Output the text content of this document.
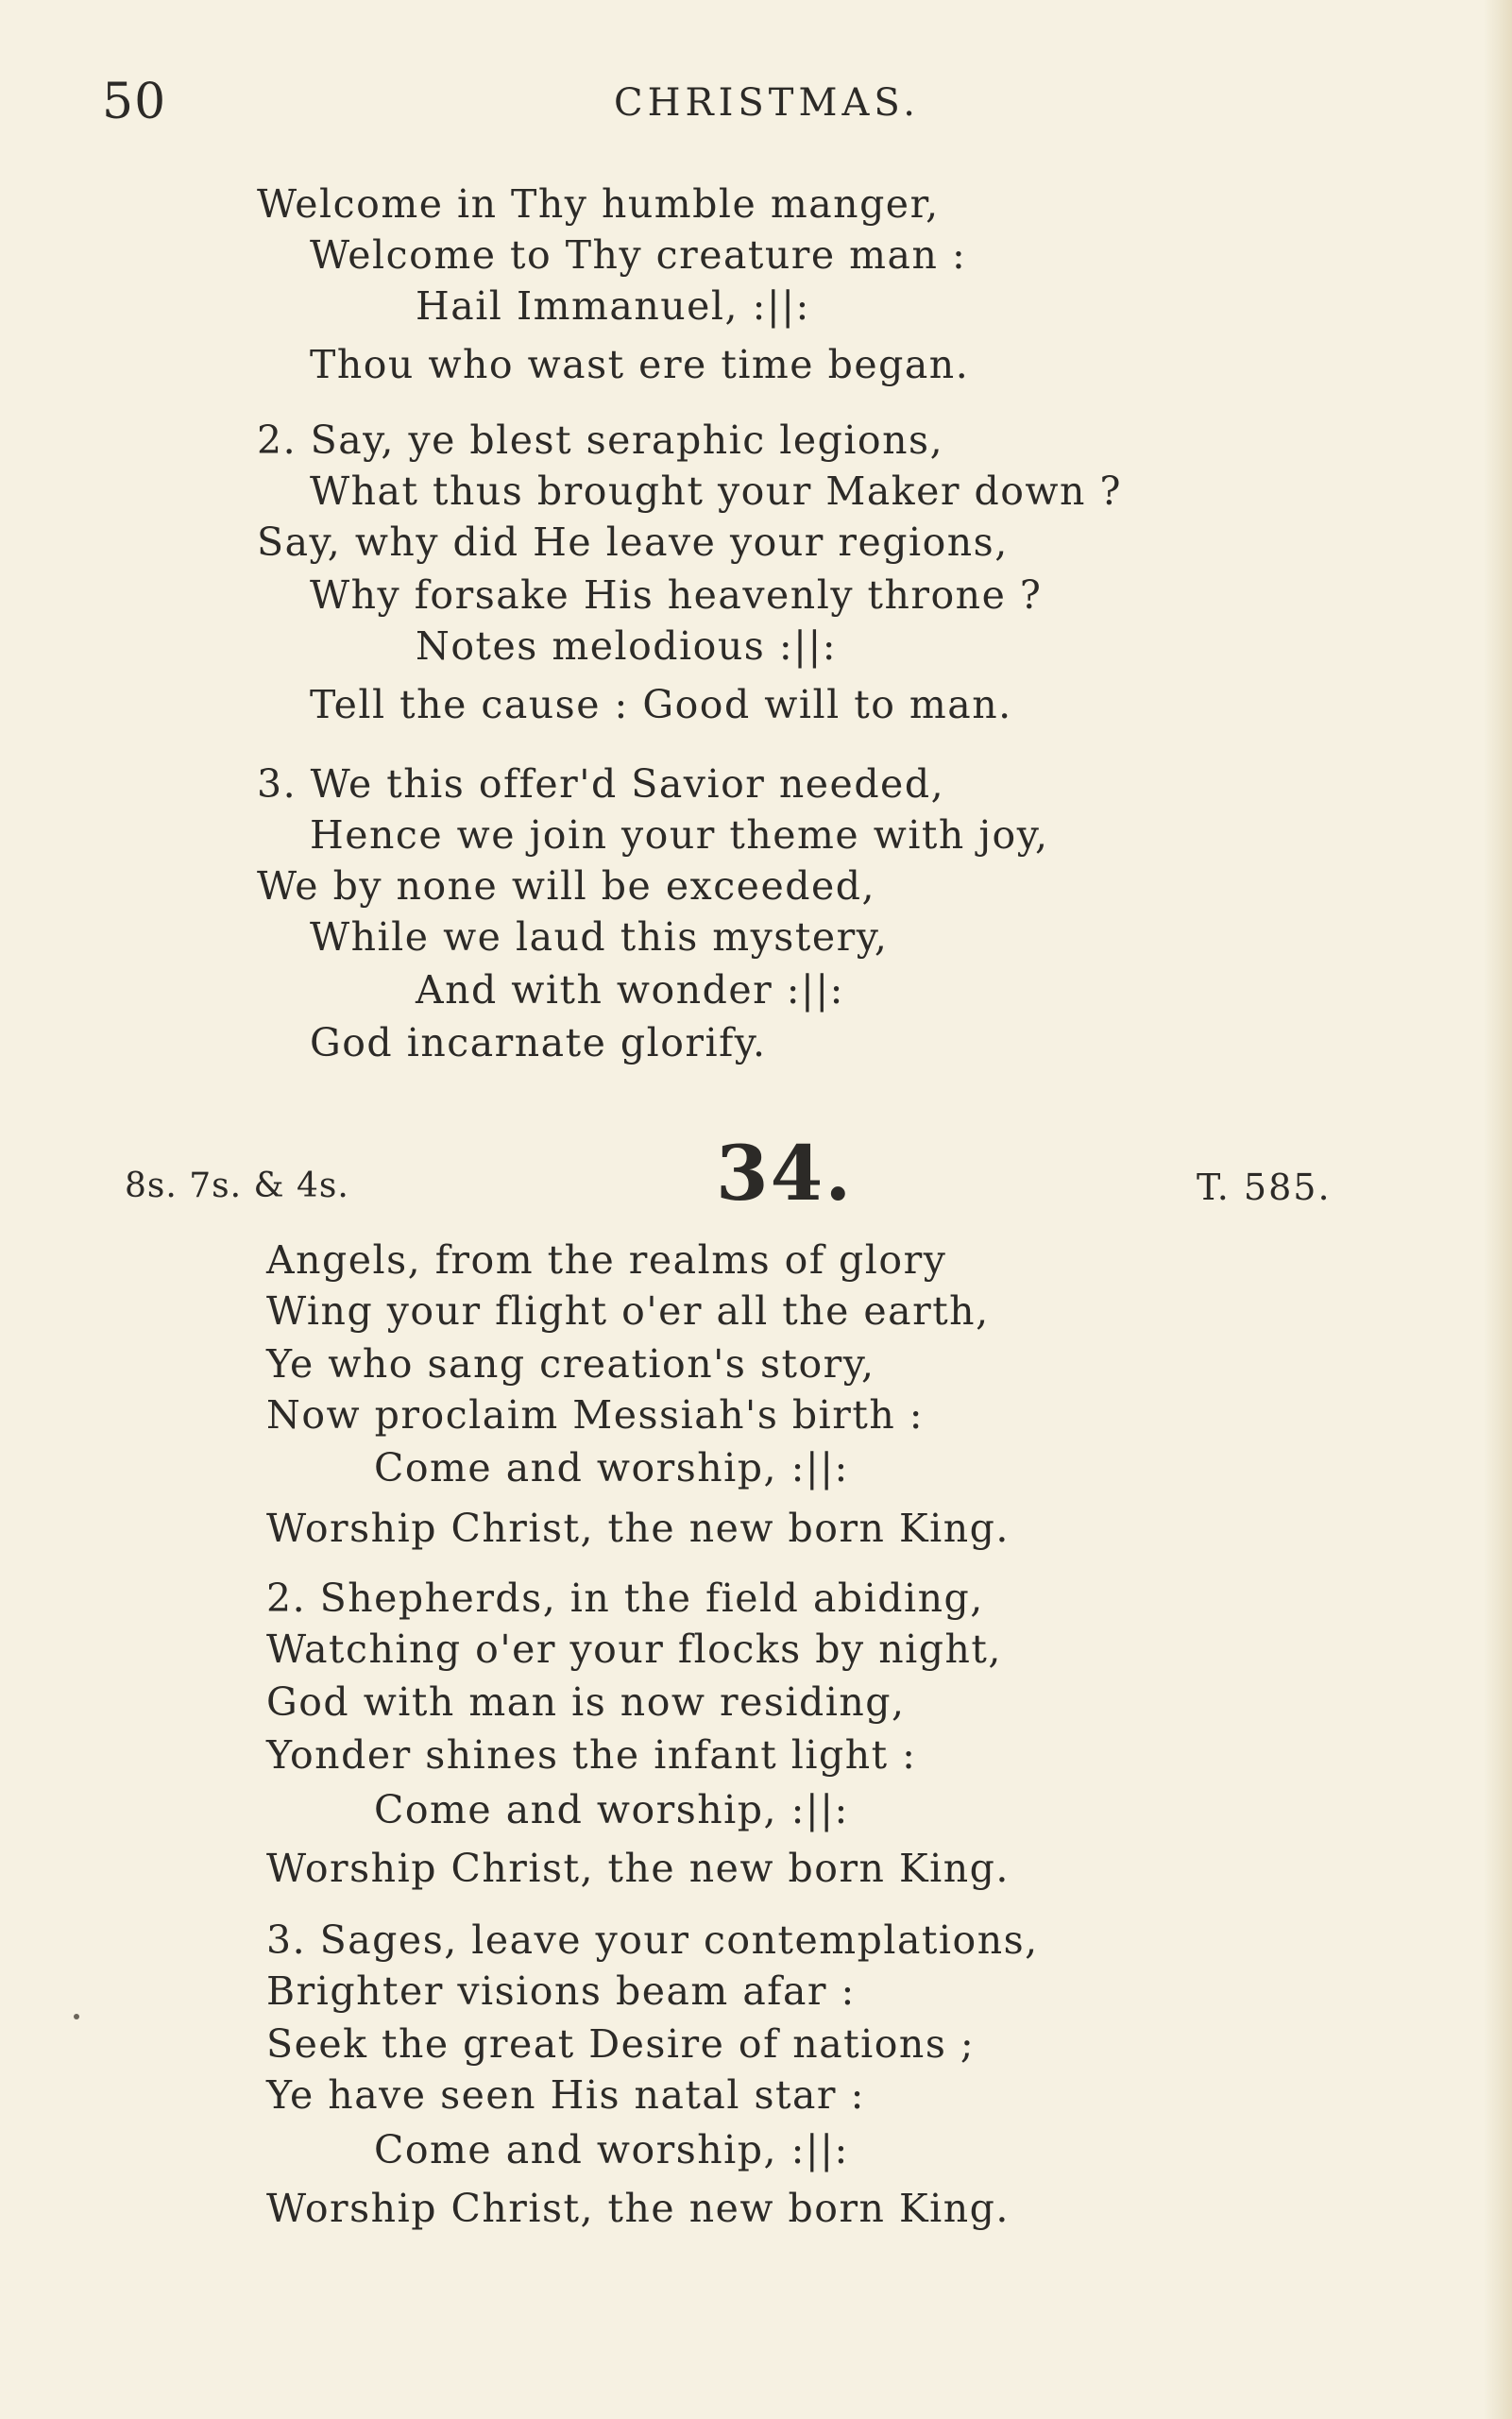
50	CHRISTMAS.
Welcome in Thy humble manger,
Welcome to Thy creature man :
Hail Immanuel, :||:
Thou who wast ere time began.
2. Say, ye blest seraphic legions,
What thus brought your Maker down ?
Say, why did He leave your regions,
Why forsake His heavenly throne ?
Notes melodious :||:
Tell the cause : Good will to man.
3. We this offer'd Savior needed,
Hence we join your theme with joy,
We by none will be exceeded,
While we laud this mystery,
And with wonder :||:
God incarnate glorify.
8s. 7s. & 4s.	34.	T. 585.
Angels, from the realms of glory
Wing your flight o'er all the earth,
Ye who sang creation's story,
Now proclaim Messiah's birth :
Come and worship, :||:
Worship Christ, the new born King.
2. Shepherds, in the field abiding,
Watching o'er your flocks by night,
God with man is now residing,
Yonder shines the infant light :
Come and worship, :||:
Worship Christ, the new born King.
3. Sages, leave your contemplations,
Brighter visions beam afar :
Seek the great Desire of nations ;
Ye have seen His natal star :
Come and worship, :||:
Worship Christ, the new born King.
